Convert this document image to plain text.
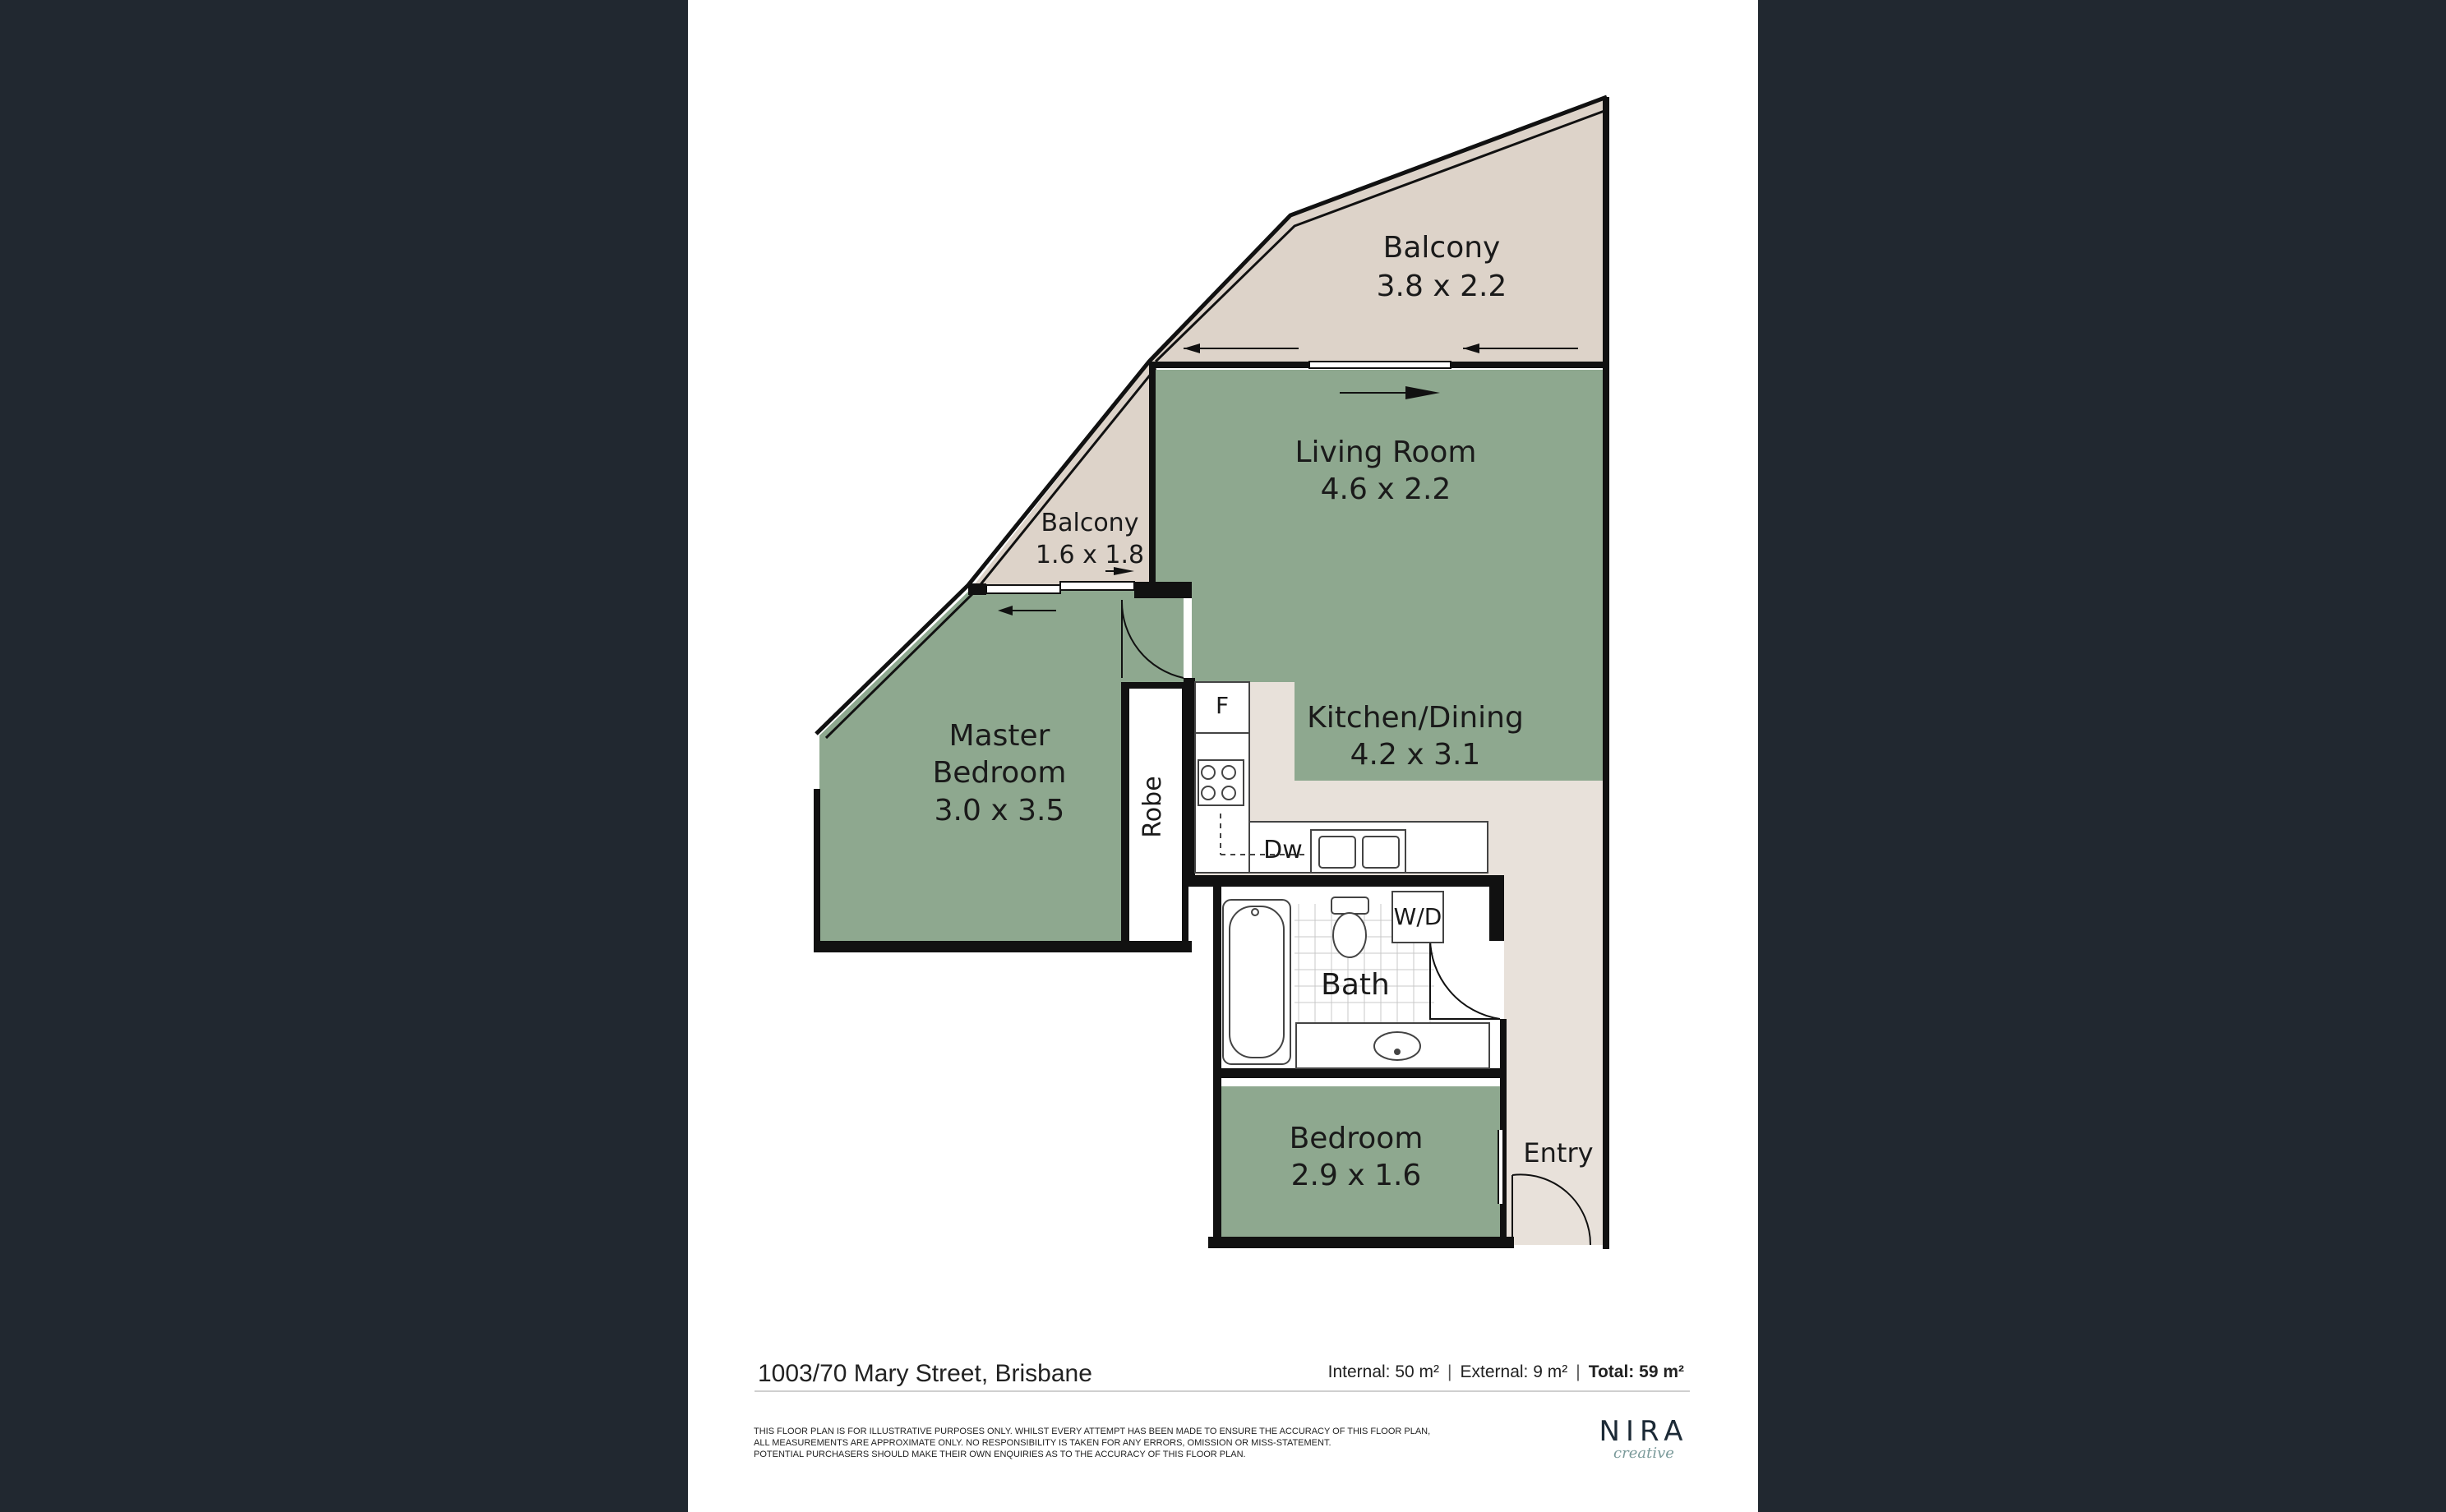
Balcony
3.8 x 2.2
Balcony
1.6 x 1.8
Living Room
4.6 x 2.2
Kitchen/Dining
4.2 x 3.1
Master
Bedroom
3.0 x 3.5	Robe
Bath
Bedroom
2.9 x 1.6
Entry
F
Dw
W/D
1003/70 Mary Street, Brisbane	Internal: 50 m² | External: 9 m² | Total: 59 m²
THIS FLOOR PLAN IS FOR ILLUSTRATIVE PURPOSES ONLY. WHILST EVERY ATTEMPT HAS BEEN MADE TO ENSURE THE ACCURACY OF THIS FLOOR PLAN,
ALL MEASUREMENTS ARE APPROXIMATE ONLY. NO RESPONSIBILITY IS TAKEN FOR ANY ERRORS, OMISSION OR MISS-STATEMENT.
POTENTIAL PURCHASERS SHOULD MAKE THEIR OWN ENQUIRIES AS TO THE ACCURACY OF THIS FLOOR PLAN.
NIRA
creative
